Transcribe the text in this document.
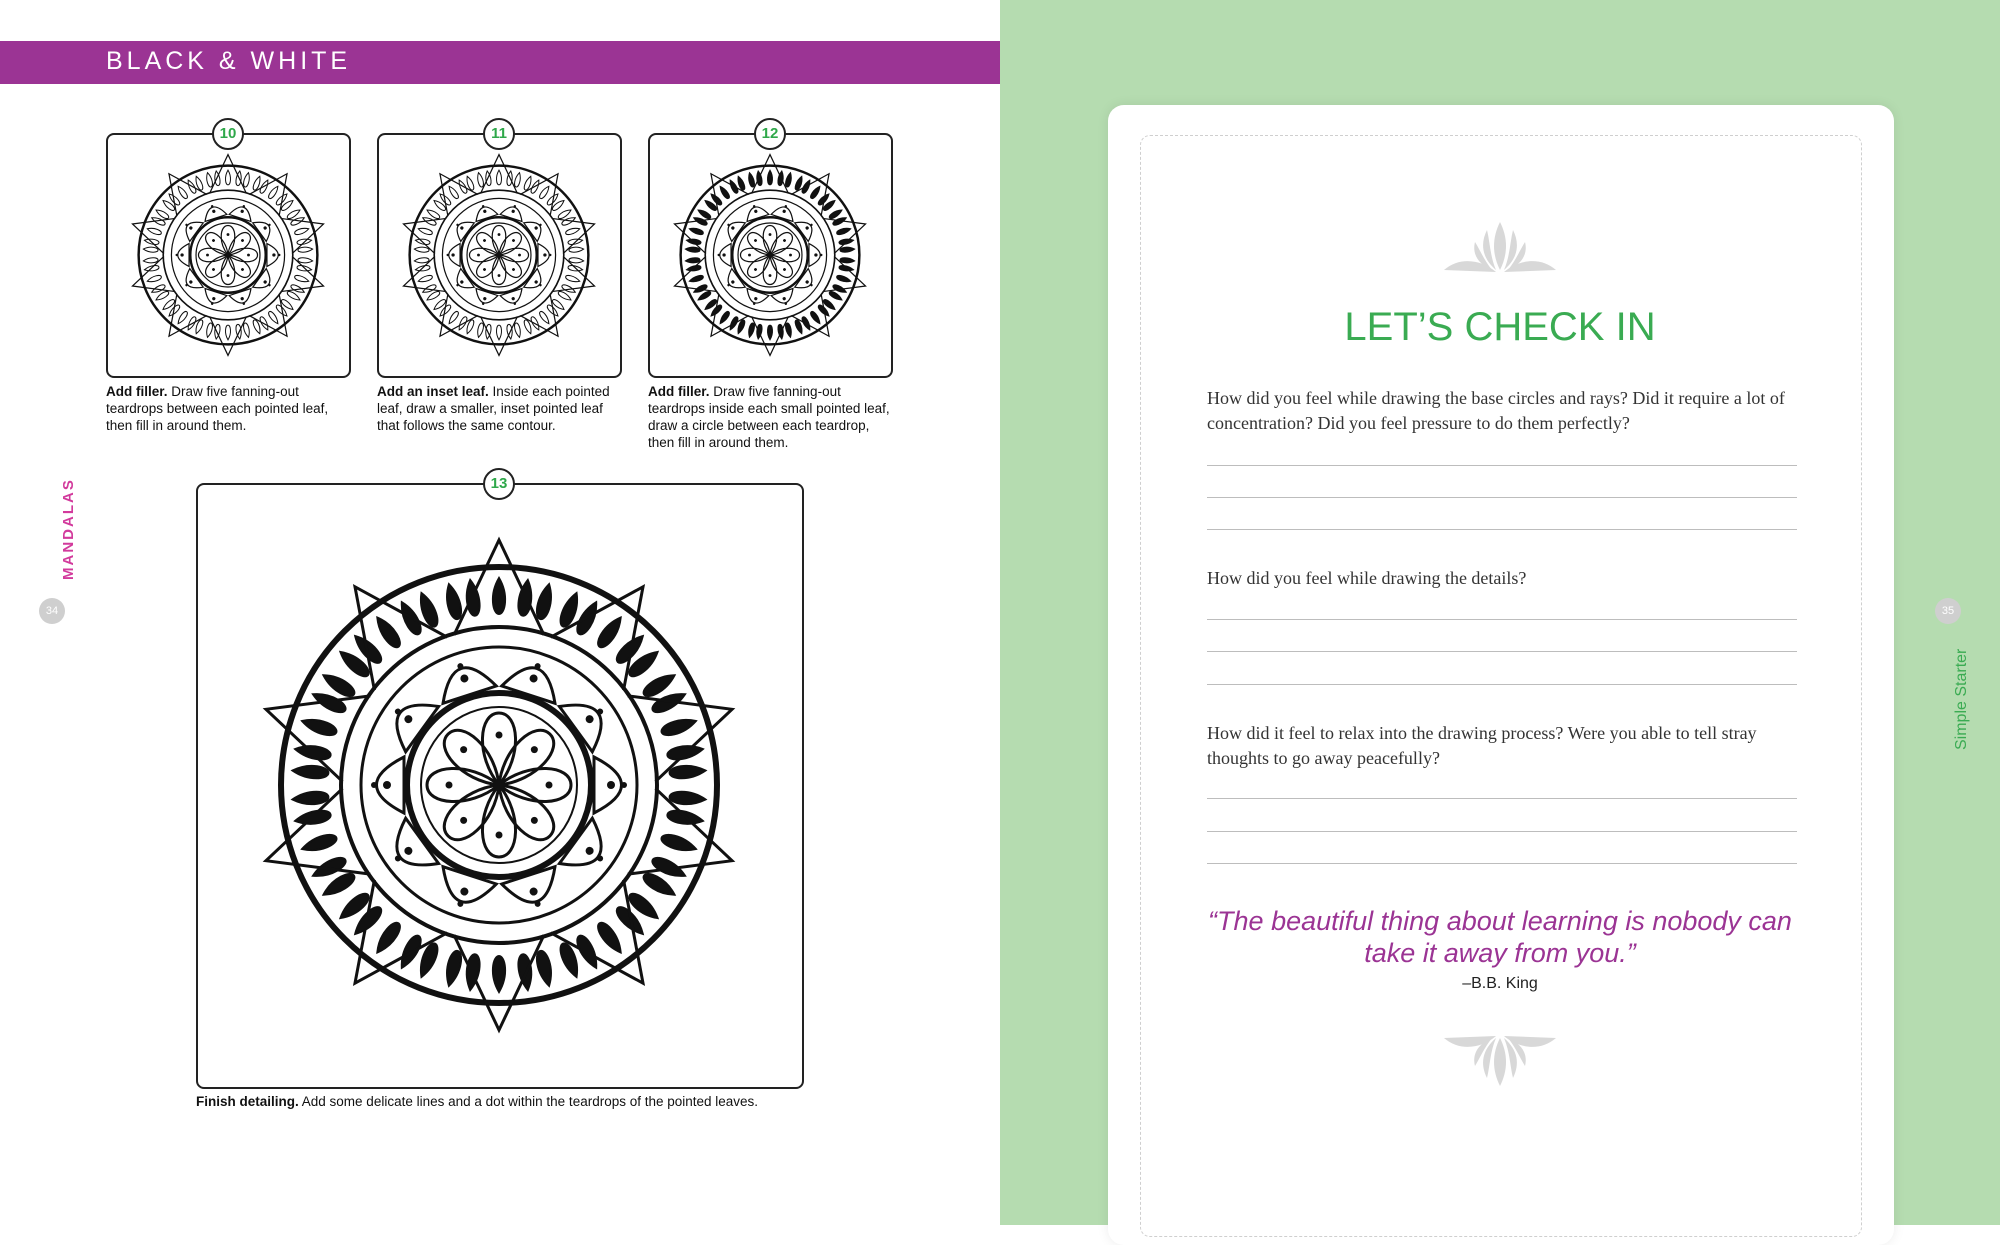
BLACK & WHITE
MANDALAS
34
10
Add filler. Draw five fanning-out teardrops between each pointed leaf, then fill in around them.
11
Add an inset leaf. Inside each pointed leaf, draw a smaller, inset pointed leaf that follows the same contour.
12
Add filler. Draw five fanning-out teardrops inside each small pointed leaf, draw a circle between each teardrop, then fill in around them.
13
Finish detailing. Add some delicate lines and a dot within the teardrops of the pointed leaves.
LET’S CHECK IN
How did you feel while drawing the base circles and rays? Did it require a lot of concentration? Did you feel pressure to do them perfectly?
How did you feel while drawing the details?
How did it feel to relax into the drawing process? Were you able to tell stray thoughts to go away peacefully?
“The beautiful thing about learning is nobody can take it away from you.”
–B.B. King
35
Simple Starter
